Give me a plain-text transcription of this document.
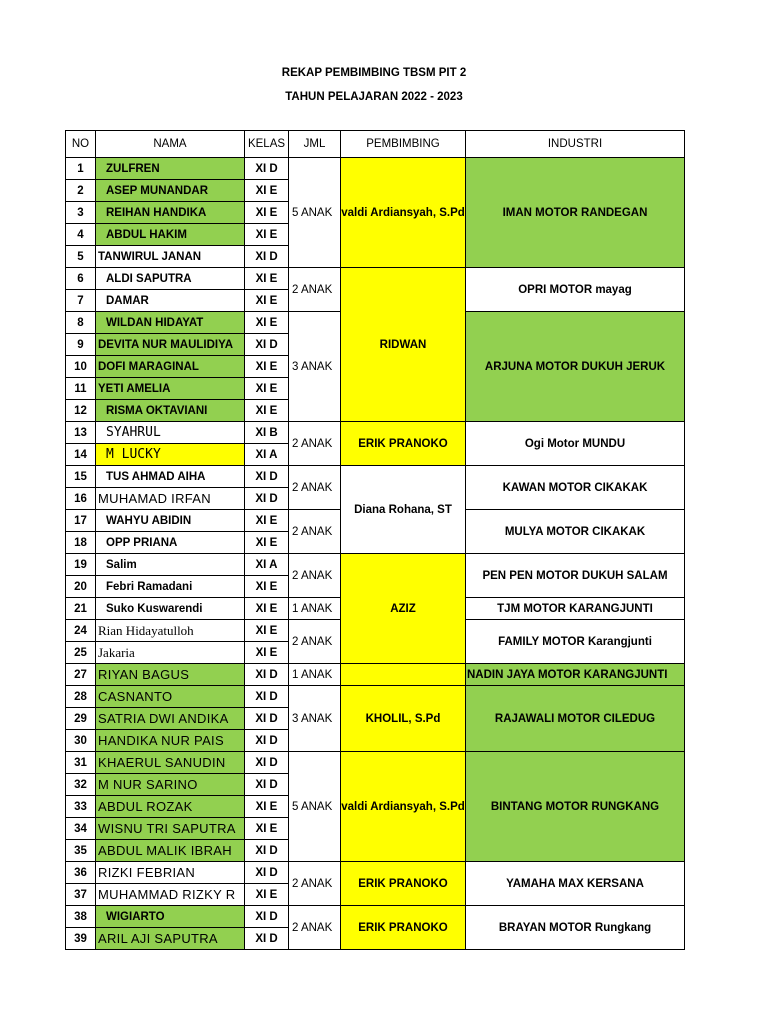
REKAP PEMBIMBING TBSM PIT 2
TAHUN PELAJARAN 2022 - 2023
NO	NAMA	KELAS	JML	PEMBIMBING	INDUSTRI
1	ZULFREN	XI D	5 ANAK	valdi Ardiansyah, S.Pd	IMAN MOTOR RANDEGAN
2	ASEP MUNANDAR	XI E			
3	REIHAN HANDIKA	XI E			
4	ABDUL HAKIM	XI E			
5	TANWIRUL JANAN	XI D			
6	ALDI SAPUTRA	XI E	2 ANAK	RIDWAN	OPRI MOTOR mayag
7	DAMAR	XI E			
8	WILDAN HIDAYAT	XI E	3 ANAK		ARJUNA MOTOR DUKUH JERUK
9	DEVITA NUR MAULIDIYA	XI D			
10	DOFI MARAGINAL	XI E			
11	YETI AMELIA	XI E			
12	RISMA OKTAVIANI	XI E			
13	SYAHRUL	XI B	2 ANAK	ERIK PRANOKO	Ogi Motor MUNDU
14	M LUCKY	XI A			
15	TUS AHMAD AIHA	XI D	2 ANAK	Diana Rohana, ST	KAWAN MOTOR CIKAKAK
16	MUHAMAD IRFAN	XI D			
17	WAHYU ABIDIN	XI E	2 ANAK		MULYA MOTOR CIKAKAK
18	OPP PRIANA	XI E			
19	Salim	XI A	2 ANAK	AZIZ	PEN PEN MOTOR DUKUH SALAM
20	Febri Ramadani	XI E			
21	Suko Kuswarendi	XI E	1 ANAK		TJM MOTOR KARANGJUNTI
24	Rian Hidayatulloh	XI E	2 ANAK		FAMILY MOTOR Karangjunti
25	Jakaria	XI E			
27	RIYAN BAGUS	XI D	1 ANAK		NADIN JAYA MOTOR KARANGJUNTI
28	CASNANTO	XI D	3 ANAK	KHOLIL, S.Pd	RAJAWALI MOTOR CILEDUG
29	SATRIA DWI ANDIKA	XI D			
30	HANDIKA NUR PAIS	XI D			
31	KHAERUL SANUDIN	XI D	5 ANAK	valdi Ardiansyah, S.Pd	BINTANG MOTOR RUNGKANG
32	M NUR SARINO	XI D			
33	ABDUL ROZAK	XI E			
34	WISNU TRI SAPUTRA	XI E			
35	ABDUL MALIK IBRAH	XI D			
36	RIZKI FEBRIAN	XI D	2 ANAK	ERIK PRANOKO	YAMAHA MAX KERSANA
37	MUHAMMAD RIZKY R	XI E			
38	WIGIARTO	XI D	2 ANAK	ERIK PRANOKO	BRAYAN MOTOR Rungkang
39	ARIL AJI SAPUTRA	XI D			
